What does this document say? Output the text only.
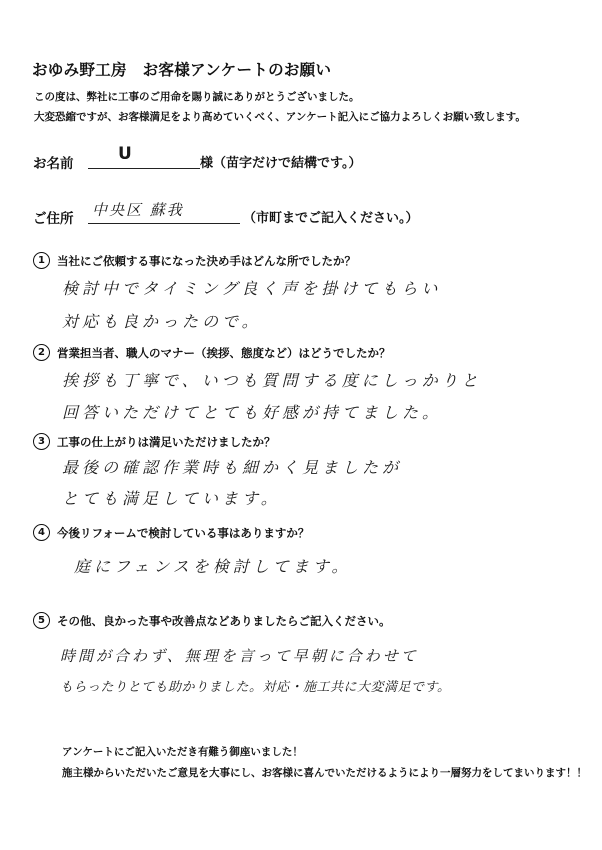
おゆみ野工房　お客様アンケートのお願い
この度は、弊社に工事のご用命を賜り誠にありがとうございました。
大変恐縮ですが、お客様満足をより高めていくべく、アンケート記入にご協力よろしくお願い致します。
お名前	U	様（苗字だけで結構です。）
ご住所 中央区 蘇我	（市町までご記入ください。）
1	当社にご依頼する事になった決め手はどんな所でしたか？
検討中でタイミング良く声を掛けてもらい
対応も良かったので。
2	営業担当者、職人のマナー（挨拶、態度など）はどうでしたか？
挨拶も丁寧で、いつも質問する度にしっかりと
回答いただけてとても好感が持てました。
3	工事の仕上がりは満足いただけましたか？
最後の確認作業時も細かく見ましたが
とても満足しています。
4	今後リフォームで検討している事はありますか？
庭にフェンスを検討してます。
5	その他、良かった事や改善点などありましたらご記入ください。
時間が合わず、無理を言って早朝に合わせて
もらったりとても助かりました。対応・施工共に大変満足です。
アンケートにご記入いただき有難う御座いました！
施主様からいただいたご意見を大事にし、お客様に喜んでいただけるようにより一層努力をしてまいります！！
